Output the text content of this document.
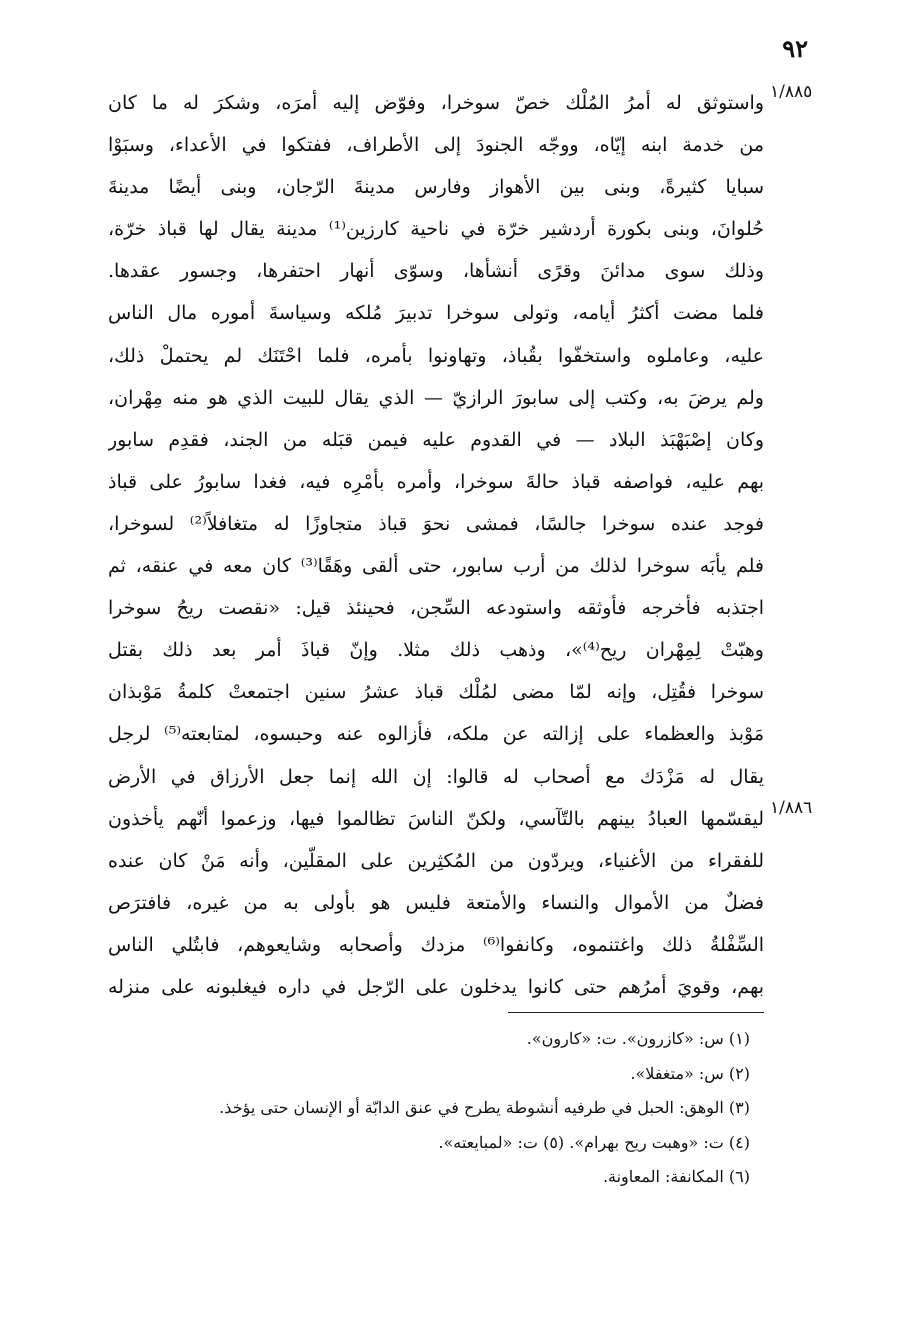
٩٢
١/٨٨٥
١/٨٨٦
واستوثق له أمرُ المُلْك خصّ سوخرا، وفوّض إليه أمرَه، وشكرَ له ما كان
من خدمة ابنه إيّاه، ووجّه الجنودَ إلى الأطراف، ففتكوا في الأعداء، وسبَوْا
سبايا كثيرةً، وبنى بين الأهواز وفارس مدينةَ الرّجان، وبنى أيضًا مدينةَ
حُلوانَ، وبنى بكورة أردشير خرّة في ناحية كارزين⁽¹⁾ مدينة يقال لها قباذ خرّة،
وذلك سوى مدائنَ وقرًى أنشأها، وسوّى أنهار احتفرها، وجسور عقدها.
فلما مضت أكثرُ أيامه، وتولى سوخرا تدبيرَ مُلكه وسياسةَ أموره مال الناس
عليه، وعاملوه واستخفّوا بقُباذ، وتهاونوا بأمره، فلما احْتَنَك لم يحتملْ ذلك،
ولم يرضَ به، وكتب إلى سابورَ الرازيّ — الذي يقال للبيت الذي هو منه مِهْران،
وكان إصْبَهْبَذ البلاد — في القدوم عليه فيمن قبَله من الجند، فقدِم سابور
بهم عليه، فواصفه قباذ حالةَ سوخرا، وأمره بأمْرِه فيه، فغدا سابورُ على قباذ
فوجد عنده سوخرا جالسًا، فمشى نحوَ قباذ متجاوزًا له متغافلاً⁽²⁾ لسوخرا،
فلم يأبَه سوخرا لذلك من أرب سابور، حتى ألقى وهَقًا⁽³⁾ كان معه في عنقه، ثم
اجتذبه فأخرجه فأوثقه واستودعه السِّجن، فحينئذ قيل: «نقصت ريحُ سوخرا
وهبّتْ لِمِهْران ريح⁽⁴⁾»، وذهب ذلك مثلا. وإنّ قباذَ أمر بعد ذلك بقتل
سوخرا فقُتِل، وإنه لمّا مضى لمُلْك قباذ عشرُ سنين اجتمعتْ كلمةُ مَوْبذان
مَوْبذ والعظماء على إزالته عن ملكه، فأزالوه عنه وحبسوه، لمتابعته⁽⁵⁾ لرجل
يقال له مَزْدَك مع أصحاب له قالوا: إن الله إنما جعل الأرزاق في الأرض
ليقسّمها العبادُ بينهم بالتّآسي، ولكنّ الناسَ تظالموا فيها، وزعموا أنّهم يأخذون
للفقراء من الأغنياء، ويردّون من المُكثِرين على المقلّين، وأنه مَنْ كان عنده
فضلٌ من الأموال والنساء والأمتعة فليس هو بأولى به من غيره، فافترَص
السِّفْلةُ ذلك واغتنموه، وكانفوا⁽⁶⁾ مزدك وأصحابه وشايعوهم، فابتُلي الناس
بهم، وقويَ أمرُهم حتى كانوا يدخلون على الرّجل في داره فيغلبونه على منزله
(١) س: «كازرون». ت: «كارون».
(٢) س: «متغفلا».
(٣) الوهق: الحبل في طرفيه أنشوطة يطرح في عنق الدابّة أو الإنسان حتى يؤخذ.
(٤) ت: «وهبت ريح بهرام». (٥) ت: «لمبايعته».
(٦) المكانفة: المعاونة.
